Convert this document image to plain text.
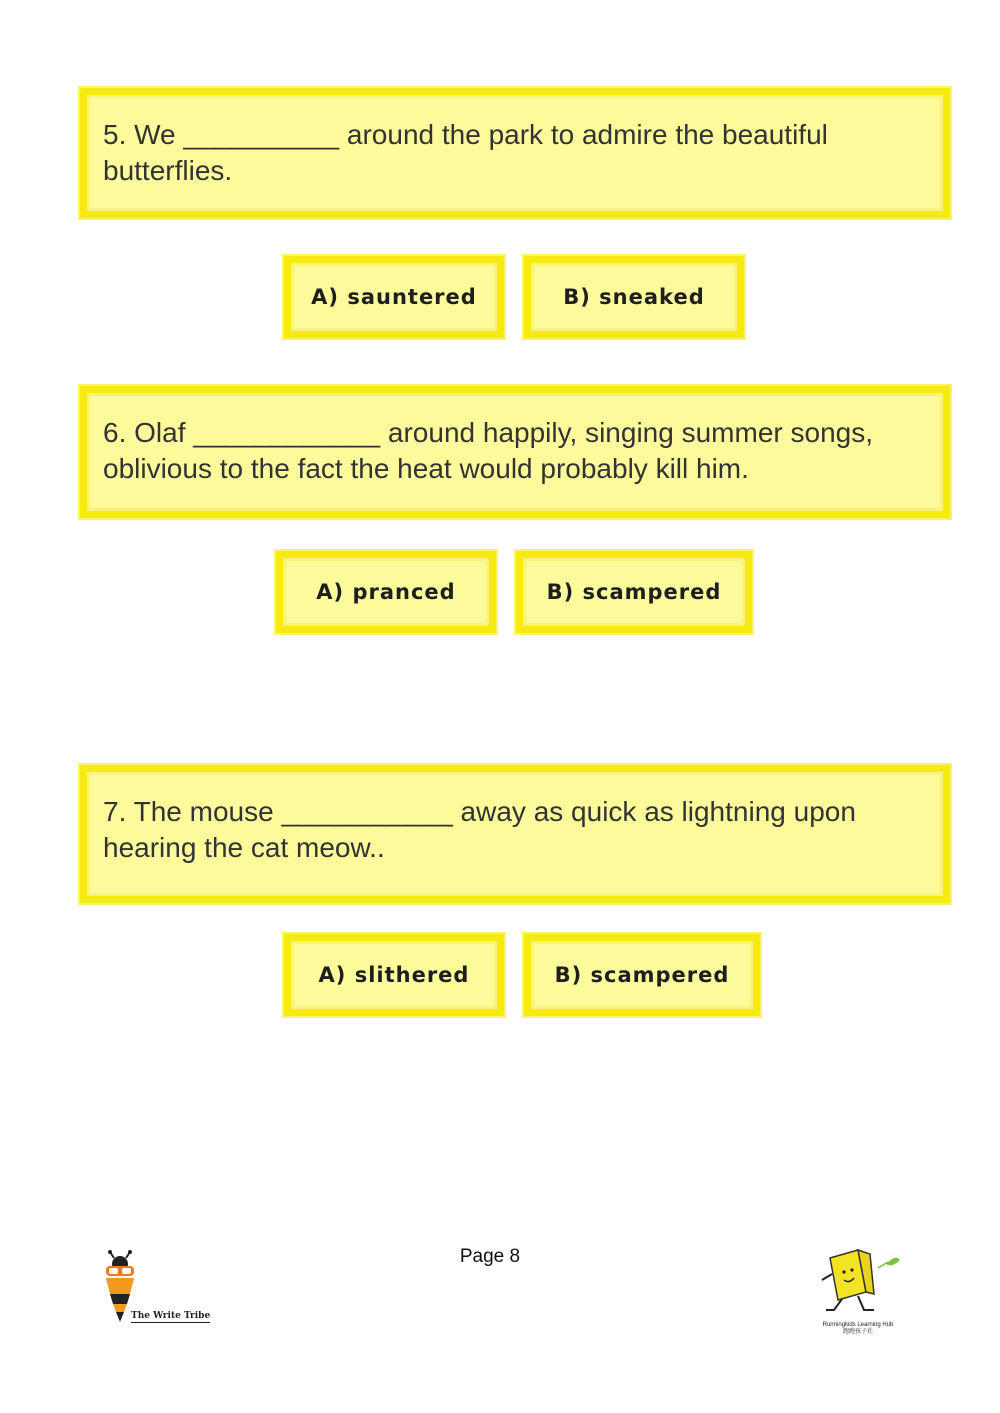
5. We __________ around the park to admire the beautiful butterflies.
A) sauntered	B) sneaked
6. Olaf ____________ around happily, singing summer songs, oblivious to the fact the heat would probably kill him.
A) pranced	B) scampered
7. The mouse ___________ away as quick as lightning upon hearing the cat meow..
A) slithered	B) scampered
Page 8
The Write Tribe
Runningkids Learning Hub
跑跑孩子社
